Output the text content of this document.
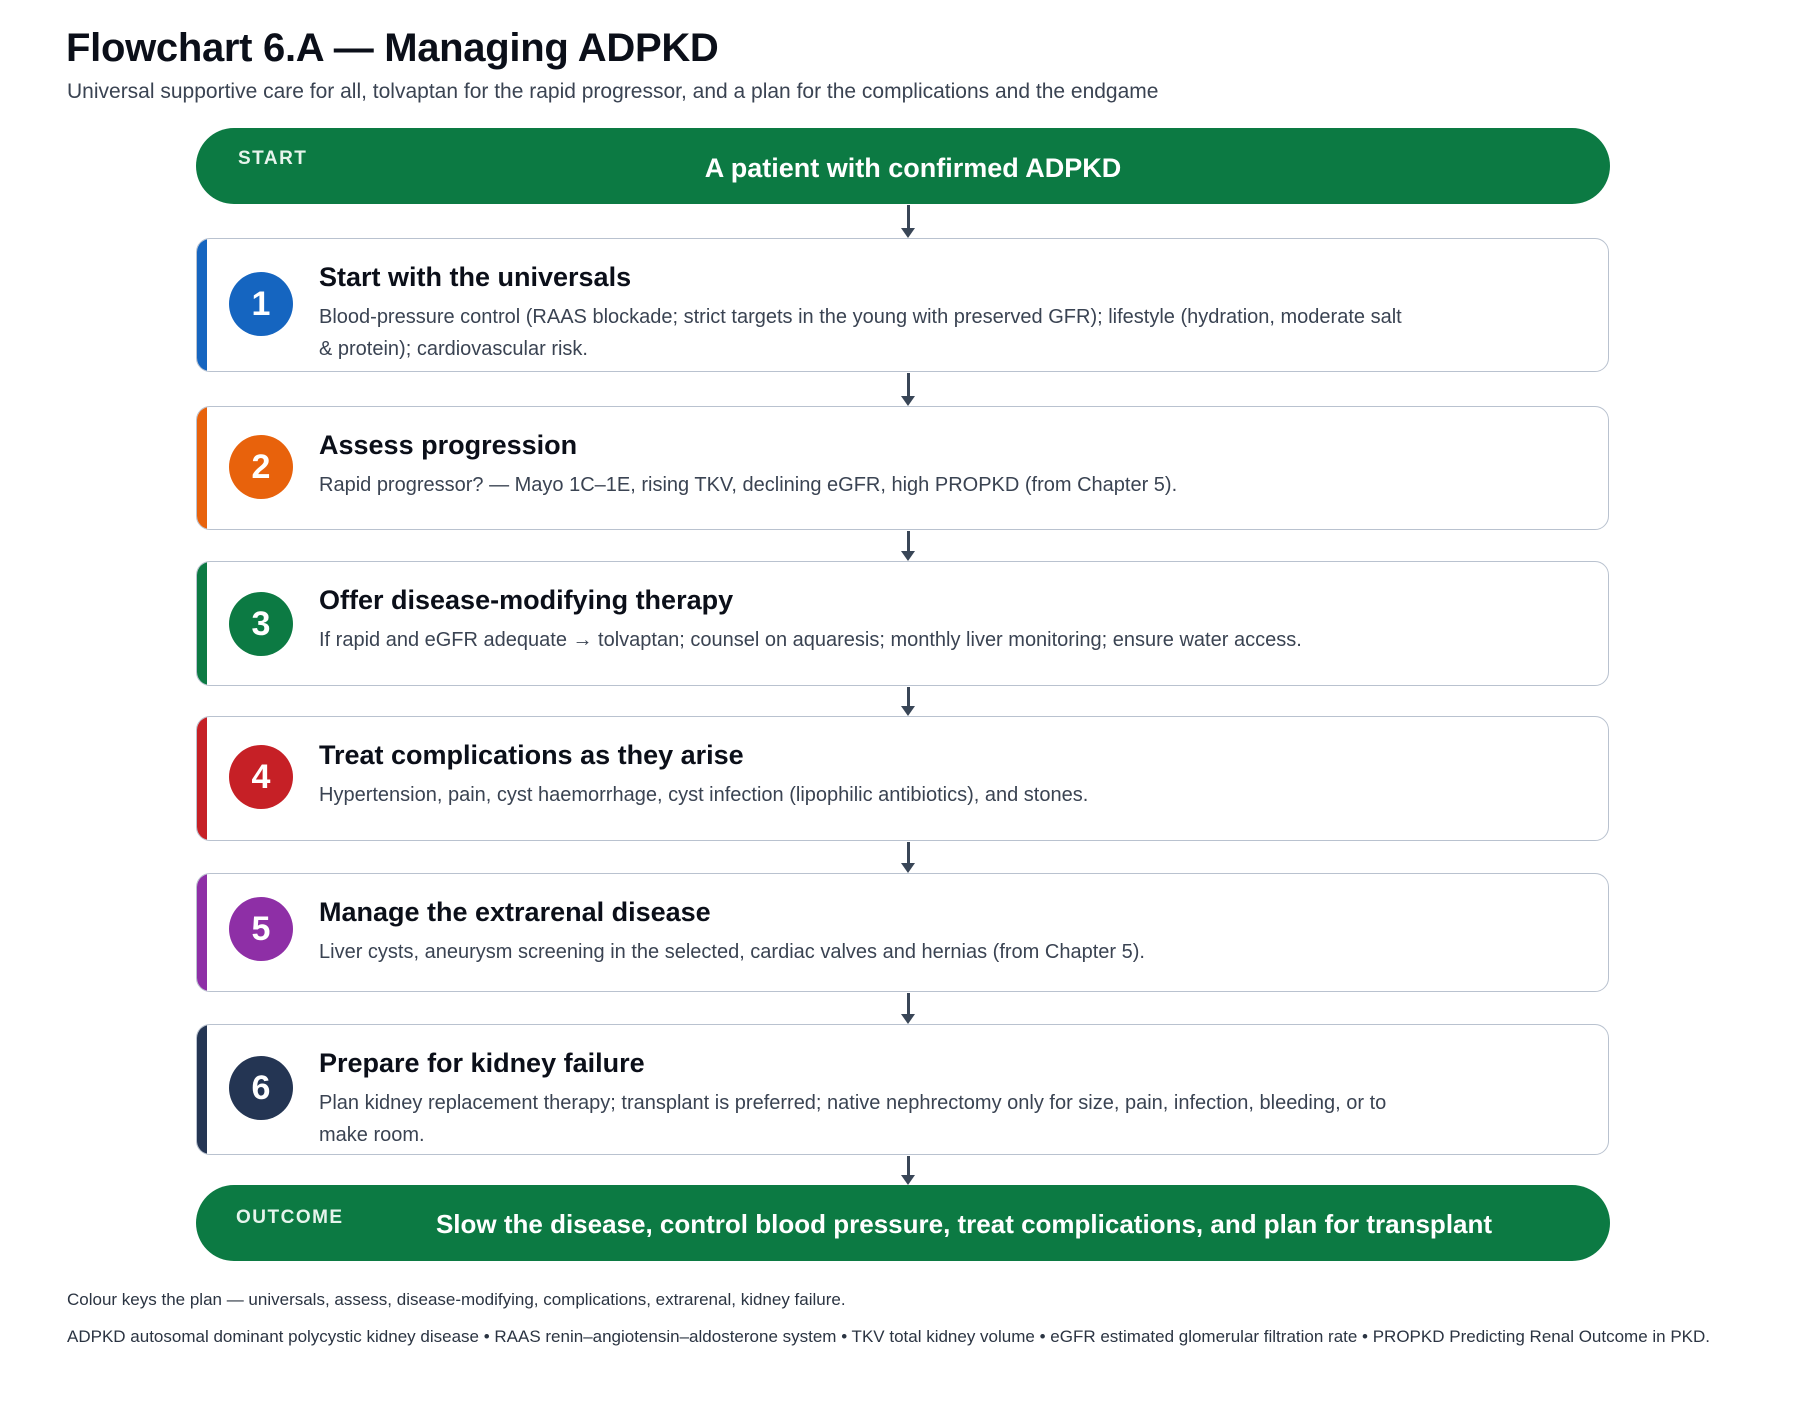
Flowchart 6.A — Managing ADPKD
Universal supportive care for all, tolvaptan for the rapid progressor, and a plan for the complications and the endgame
START	A patient with confirmed ADPKD
1
Start with the universals
Blood-pressure control (RAAS blockade; strict targets in the young with preserved GFR); lifestyle (hydration, moderate salt & protein); cardiovascular risk.
2
Assess progression
Rapid progressor? — Mayo 1C–1E, rising TKV, declining eGFR, high PROPKD (from Chapter 5).
3
Offer disease-modifying therapy
If rapid and eGFR adequate → tolvaptan; counsel on aquaresis; monthly liver monitoring; ensure water access.
4
Treat complications as they arise
Hypertension, pain, cyst haemorrhage, cyst infection (lipophilic antibiotics), and stones.
5	Manage the extrarenal disease
Liver cysts, aneurysm screening in the selected, cardiac valves and hernias (from Chapter 5).
6
Prepare for kidney failure
Plan kidney replacement therapy; transplant is preferred; native nephrectomy only for size, pain, infection, bleeding, or to make room.
OUTCOME	Slow the disease, control blood pressure, treat complications, and plan for transplant
Colour keys the plan — universals, assess, disease-modifying, complications, extrarenal, kidney failure.
ADPKD autosomal dominant polycystic kidney disease • RAAS renin–angiotensin–aldosterone system • TKV total kidney volume • eGFR estimated glomerular filtration rate • PROPKD Predicting Renal Outcome in PKD.
